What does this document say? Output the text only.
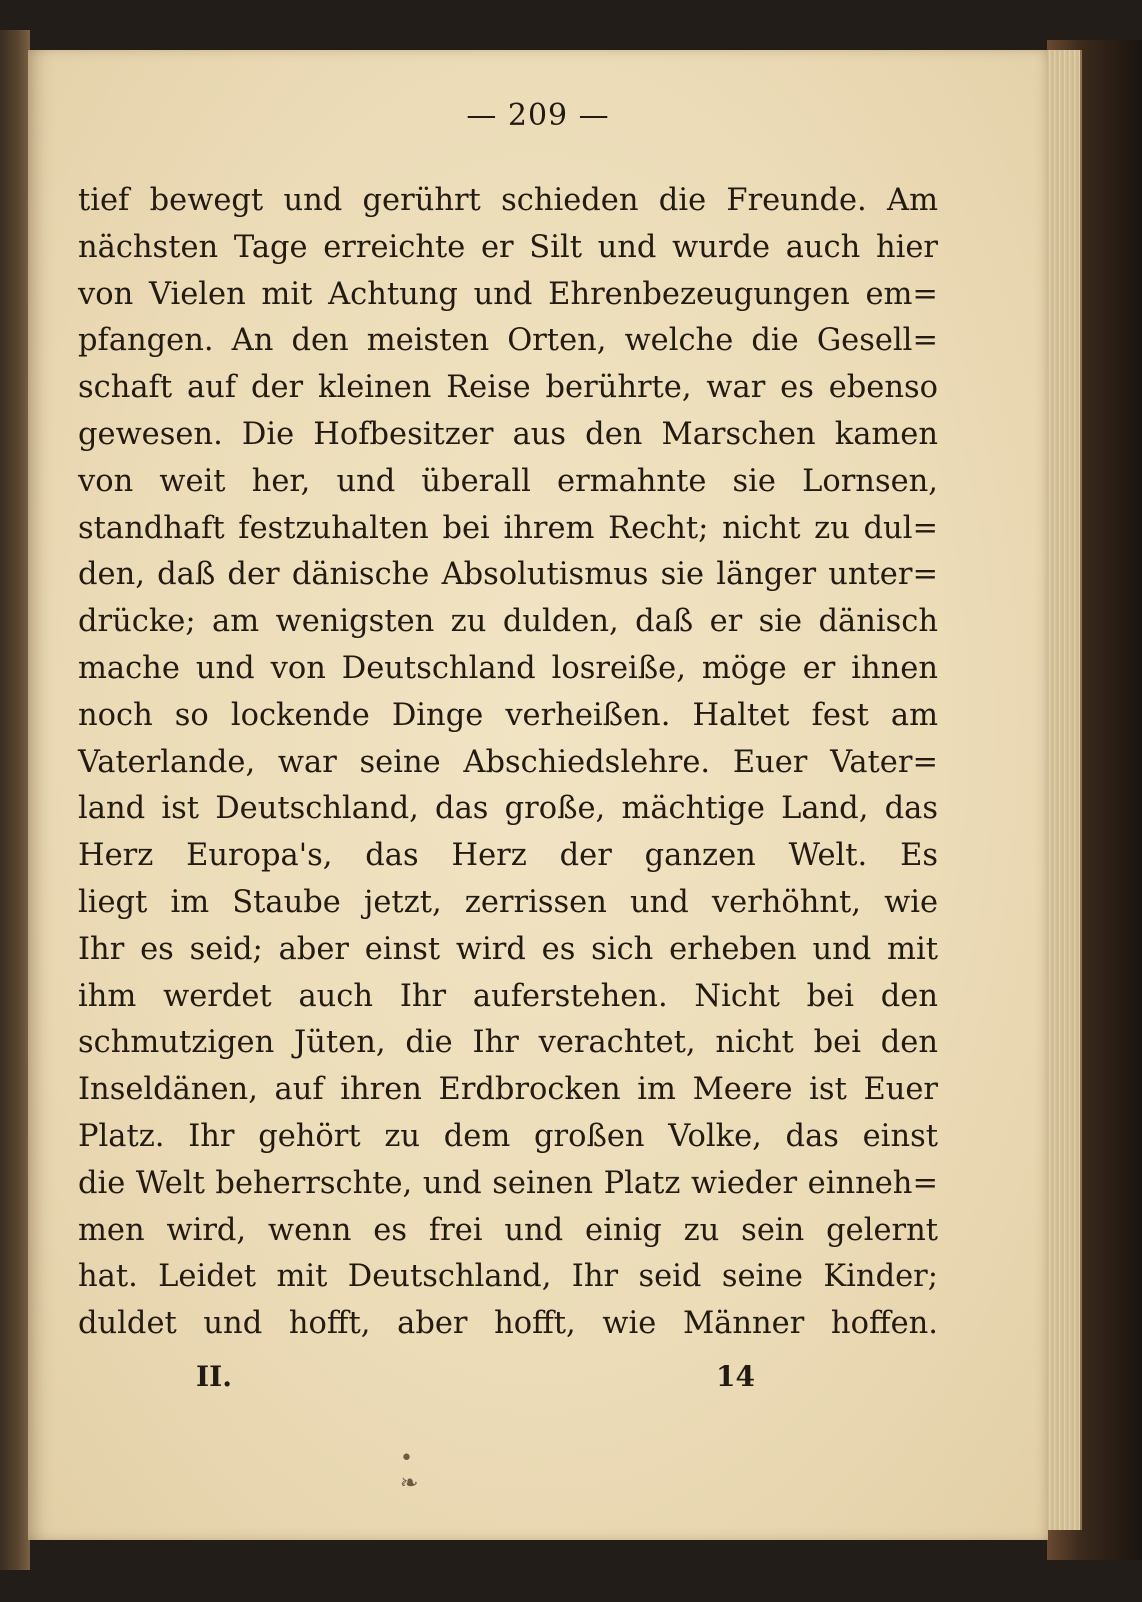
— 209 —
tief bewegt und gerührt schieden die Freunde. Am
nächsten Tage erreichte er Silt und wurde auch hier
von Vielen mit Achtung und Ehrenbezeugungen em=
pfangen. An den meisten Orten, welche die Gesell=
schaft auf der kleinen Reise berührte, war es ebenso
gewesen. Die Hofbesitzer aus den Marschen kamen
von weit her, und überall ermahnte sie Lornsen,
standhaft festzuhalten bei ihrem Recht; nicht zu dul=
den, daß der dänische Absolutismus sie länger unter=
drücke; am wenigsten zu dulden, daß er sie dänisch
mache und von Deutschland losreiße, möge er ihnen
noch so lockende Dinge verheißen. Haltet fest am
Vaterlande, war seine Abschiedslehre. Euer Vater=
land ist Deutschland, das große, mächtige Land, das
Herz Europa's, das Herz der ganzen Welt. Es
liegt im Staube jetzt, zerrissen und verhöhnt, wie
Ihr es seid; aber einst wird es sich erheben und mit
ihm werdet auch Ihr auferstehen. Nicht bei den
schmutzigen Jüten, die Ihr verachtet, nicht bei den
Inseldänen, auf ihren Erdbrocken im Meere ist Euer
Platz. Ihr gehört zu dem großen Volke, das einst
die Welt beherrschte, und seinen Platz wieder einneh=
men wird, wenn es frei und einig zu sein gelernt
hat. Leidet mit Deutschland, Ihr seid seine Kinder;
duldet und hofft, aber hofft, wie Männer hoffen.
II.	14
• ❧
